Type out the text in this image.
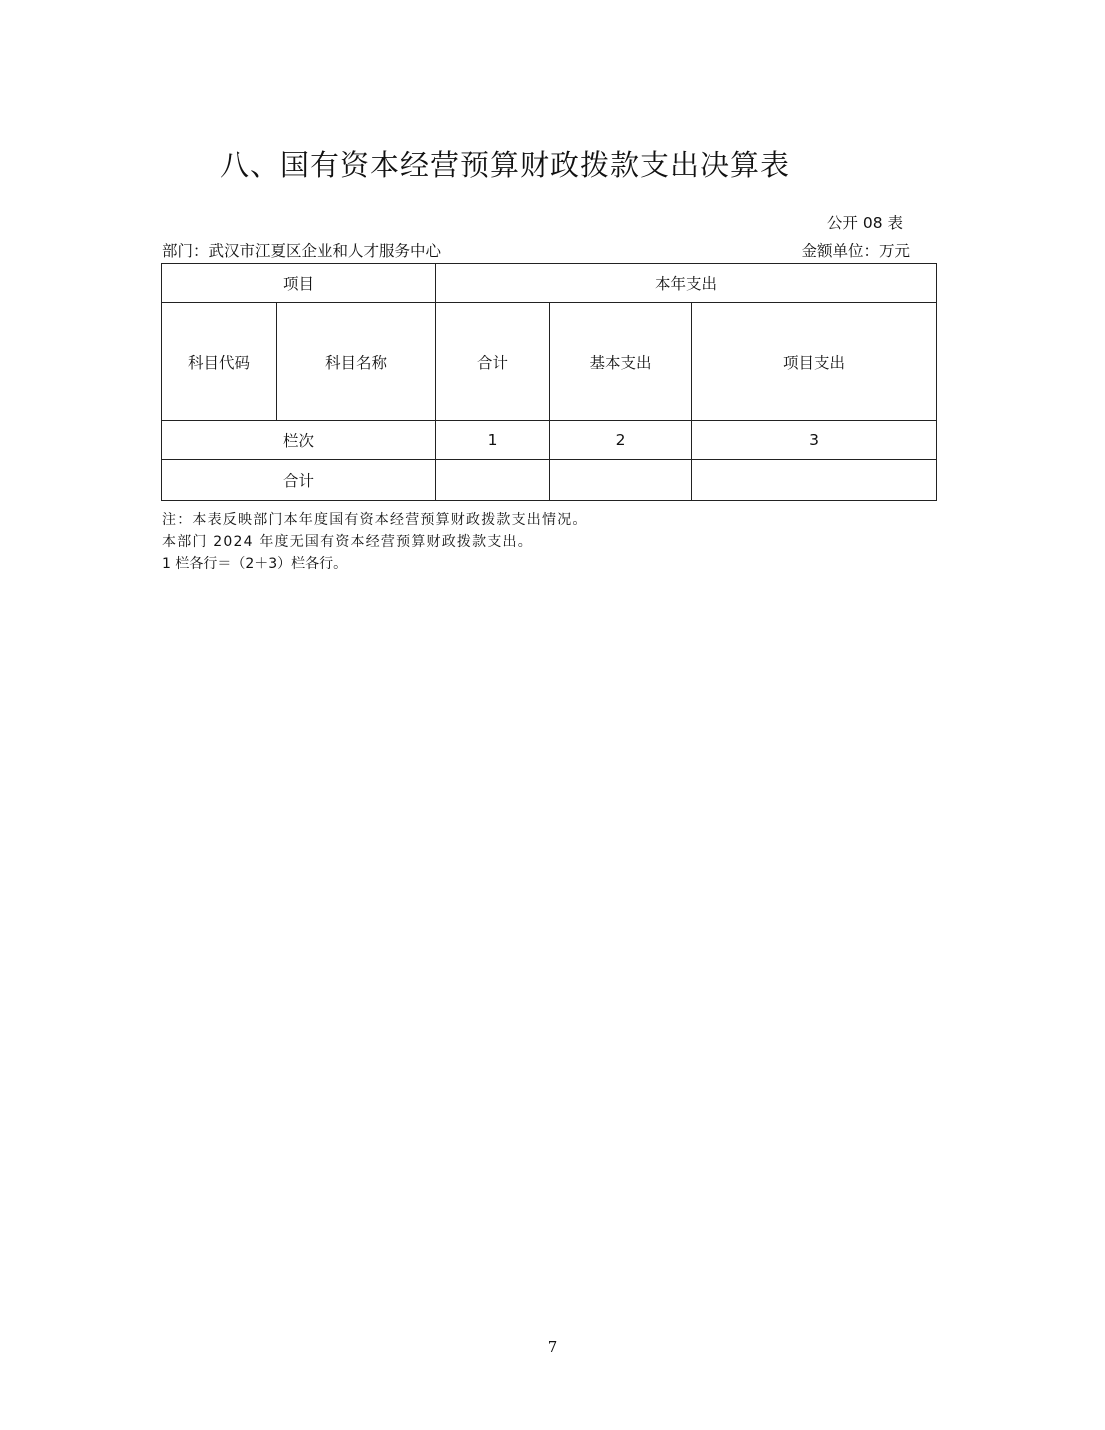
八、国有资本经营预算财政拨款支出决算表
公开 08 表
部门：武汉市江夏区企业和人才服务中心	金额单位：万元
项目		本年支出		
科目代码	科目名称	合计	基本支出	项目支出
栏次		1	2	3
合计				
注：本表反映部门本年度国有资本经营预算财政拨款支出情况。
本部门 2024 年度无国有资本经营预算财政拨款支出。
1 栏各行＝（2＋3）栏各行。
7
